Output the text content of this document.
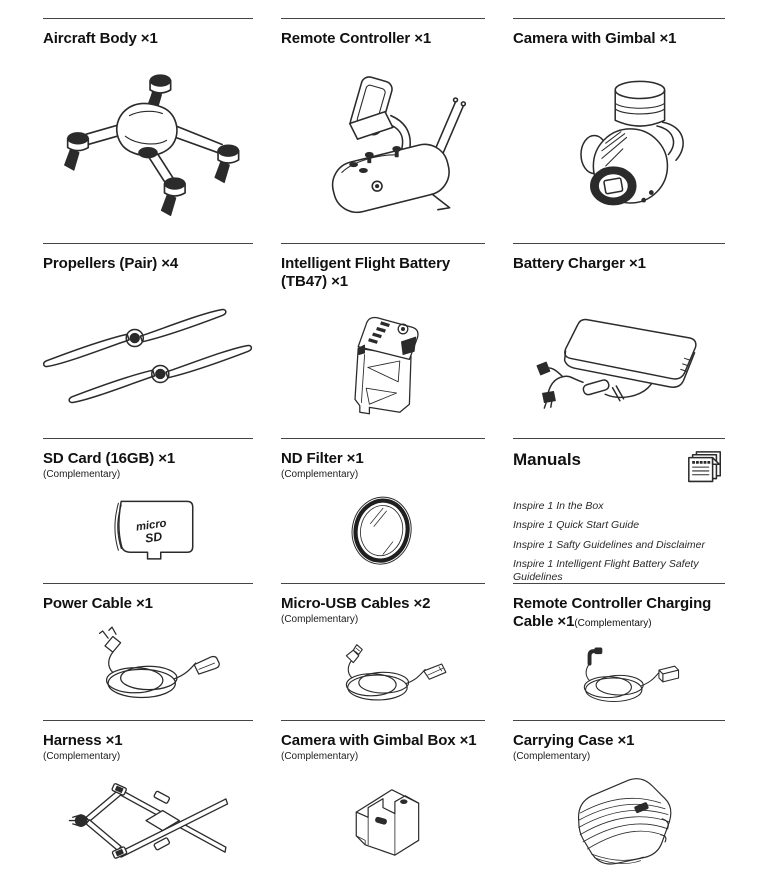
Aircraft Body ×1	Remote Controller ×1	Camera with Gimbal ×1
Propellers (Pair) ×4	Intelligent Flight Battery (TB47) ×1
Battery Charger ×1
SD Card (16GB) ×1
(Complementary)
micro
SD
ND Filter ×1
(Complementary)
Manuals
Inspire 1 In the Box
Inspire 1 Quick Start Guide
Inspire 1 Safty Guidelines and Disclaimer
Inspire 1 Intelligent Flight Battery Safety Guidelines
Power Cable ×1	Micro-USB Cables ×2
(Complementary)
Remote Controller Charging Cable ×1(Complementary)
Harness ×1
(Complementary)
Camera with Gimbal Box ×1
(Complementary)
Carrying Case ×1
(Complementary)
